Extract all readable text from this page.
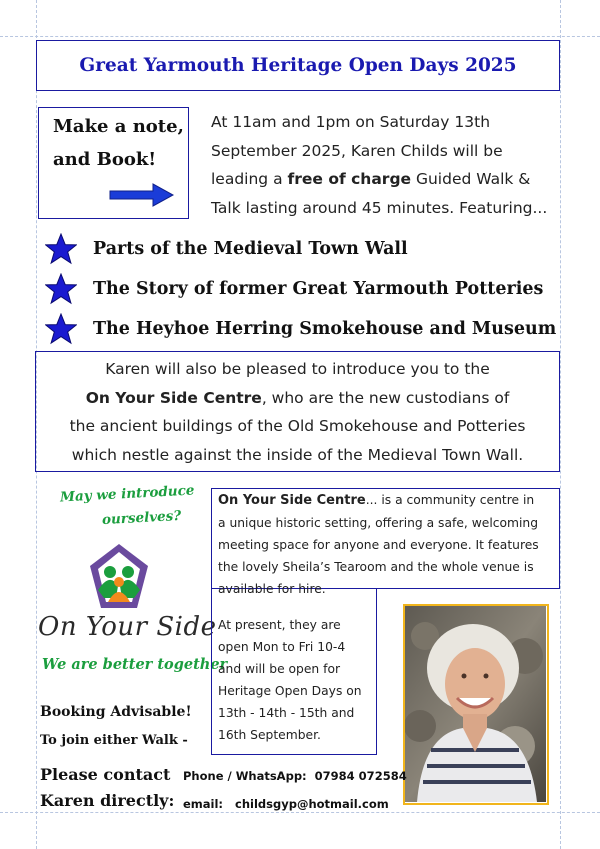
Great Yarmouth Heritage Open Days 2025
Make a note,
and Book!

At 11am and 1pm on Saturday 13th

September 2025, Karen Childs will be

leading a free of charge Guided Walk &

Talk lasting around 45 minutes. Featuring...

Parts of the Medieval Town Wall
The Story of former Great Yarmouth Potteries
The Heyhoe Herring Smokehouse and Museum

Karen will also be pleased to introduce you to the

On Your Side Centre, who are the new custodians of

the ancient buildings of the Old Smokehouse and Potteries

which nestle against the inside of the Medieval Town Wall.

May we introduce
ourselves?
On Your Side
We are better together

On Your Side Centre... is a community centre in

a unique historic setting, offering a safe, welcoming

meeting space for anyone and everyone. It features

the lovely Sheila’s Tearoom and the whole venue is

available for hire.

At present, they are

open Mon to Fri 10-4

and will be open for

Heritage Open Days on

13th - 14th - 15th and

16th September.

Booking Advisable!
To join either Walk -
Please contact
Karen directly:
Phone / WhatsApp: 07984 072584
email: childsgyp@hotmail.com
